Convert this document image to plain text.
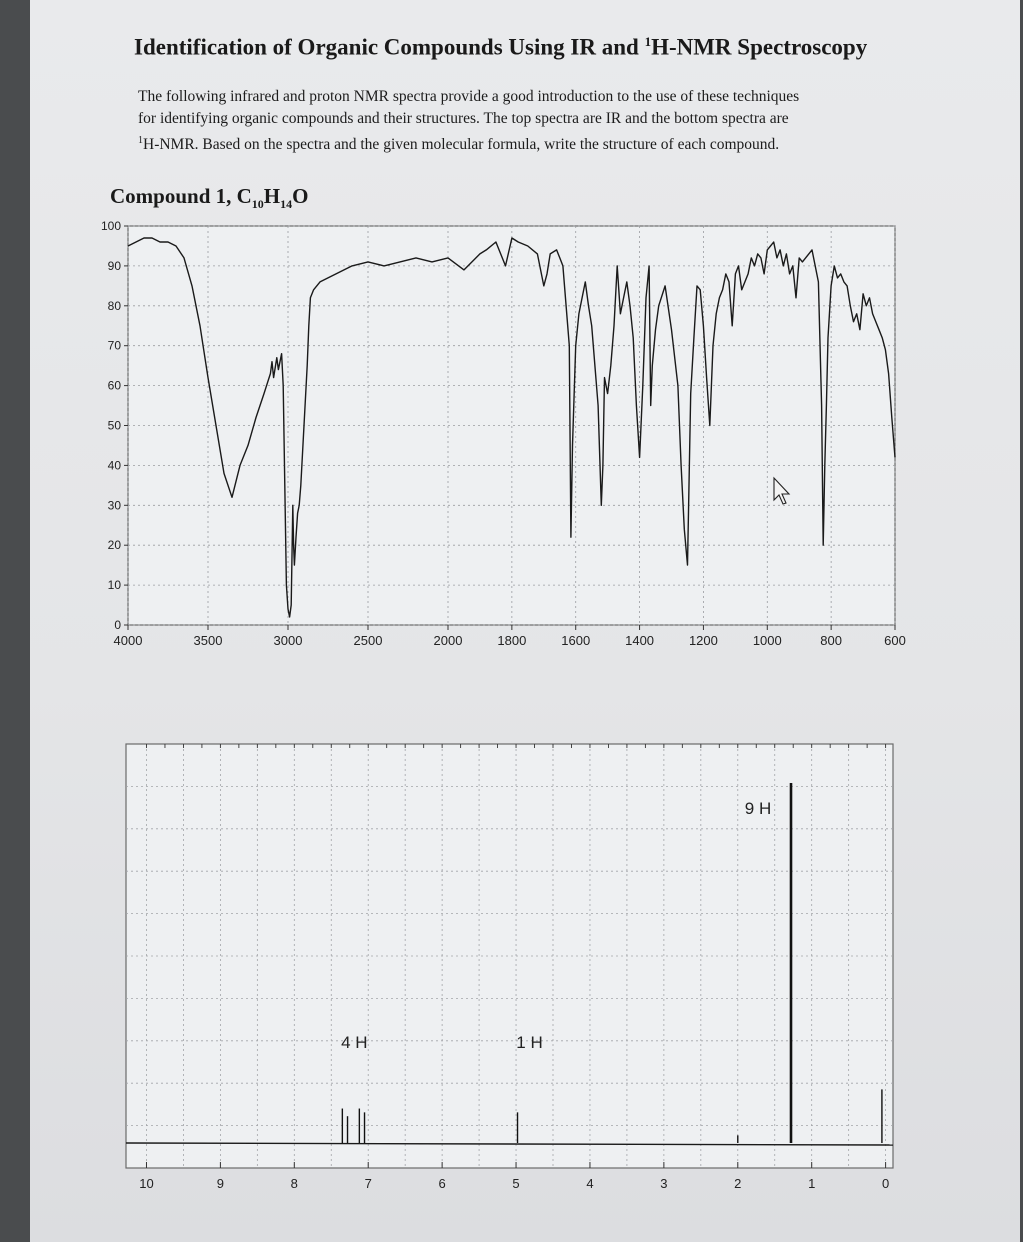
Identification of Organic Compounds Using IR and $^1$H-NMR Spectroscopy

The following infrared and proton NMR spectra provide a good introduction to the use of these techniques

for identifying organic compounds and their structures. The top spectra are IR and the bottom spectra are

$^1$H-NMR. Based on the spectra and the given molecular formula, write the structure of each compound.

Compound 1, $C_{10}H_{14}O$
4000	3500	3000	2500	2000	1800	1600	1400	1200	1000	800	600
100
90
80
70
60
50
40
30
20
10
0
10	9	8	7	6	5	4	3	2	1	0
4 H	1 H
9 H
